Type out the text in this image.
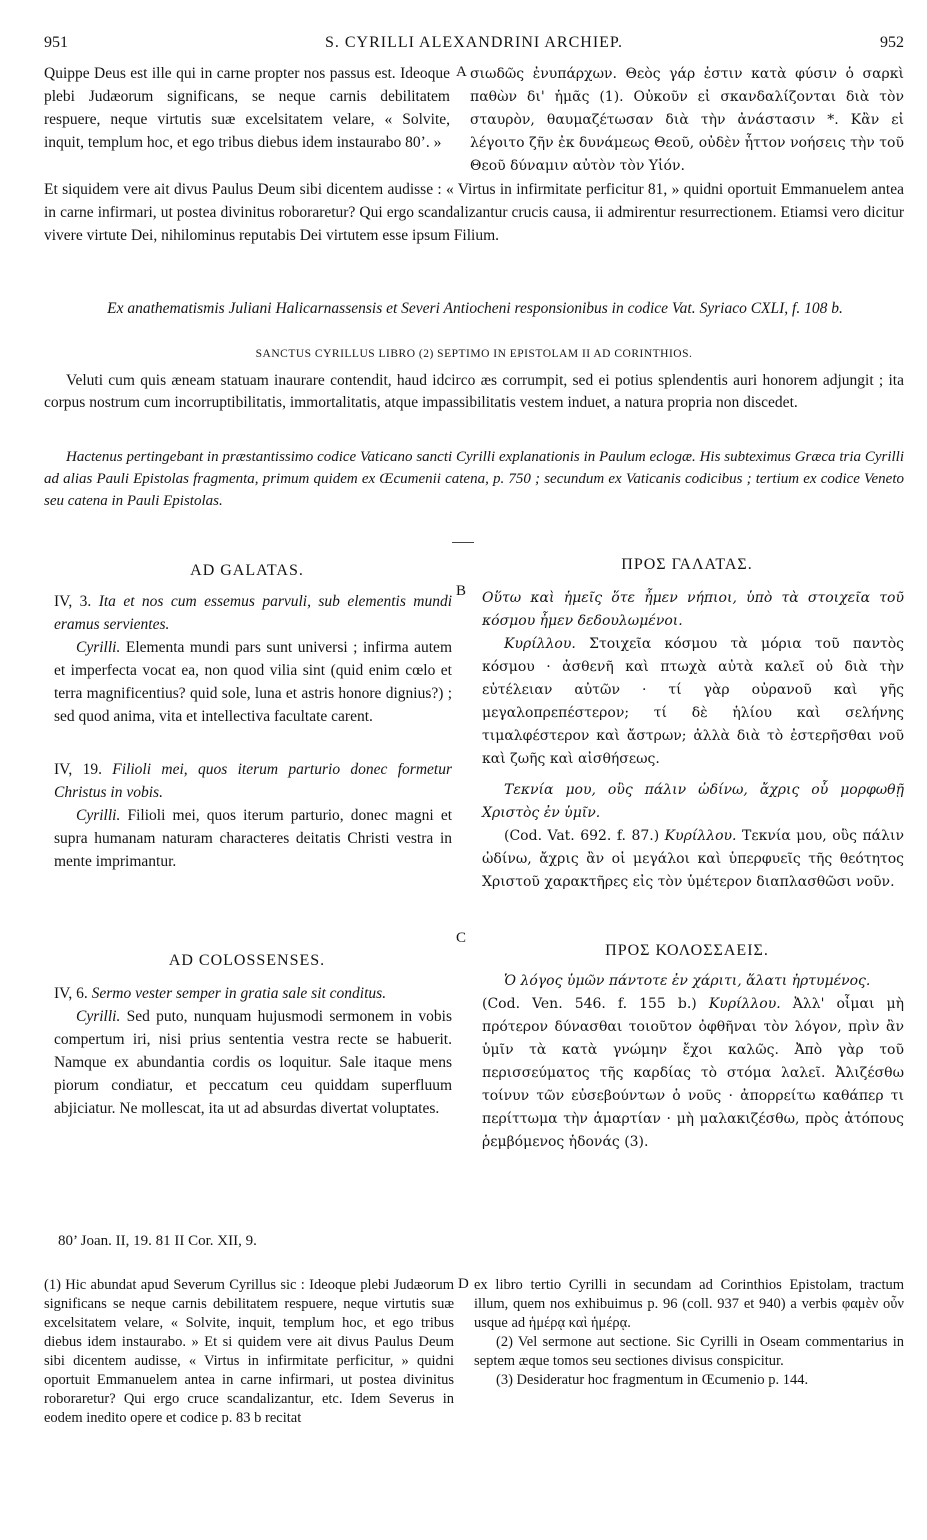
951	S. CYRILLI ALEXANDRINI ARCHIEP.	952

Quippe Deus est ille qui in carne propter nos passus est. Ideoque plebi Judæorum significans, se neque carnis debilitatem respuere, neque virtutis suæ excelsitatem velare, « Solvite, inquit, templum hoc, et ego tribus diebus idem instaurabo 80’. »

A σιωδῶς ἐνυπάρχων. Θεὸς γάρ ἐστιν κατὰ φύσιν ὁ σαρκὶ παθὼν δι' ἡμᾶς (1). Οὐκοῦν εἰ σκανδαλίζονται διὰ τὸν σταυρὸν, θαυμαζέτωσαν διὰ τὴν ἀνάστασιν *. Κἂν εἰ λέγοιτο ζῆν ἐκ δυνάμεως Θεοῦ, οὐδὲν ἧττον νοήσεις τὴν τοῦ Θεοῦ δύναμιν αὐτὸν τὸν Υἱόν.

Et siquidem vere ait divus Paulus Deum sibi dicentem audisse : « Virtus in infirmitate perficitur 81, » quidni oportuit Emmanuelem antea in carne infirmari, ut postea divinitus roboraretur? Qui ergo scandalizantur crucis causa, ii admirentur resurrectionem. Etiamsi vero dicitur vivere virtute Dei, nihilominus reputabis Dei virtutem esse ipsum Filium.

Ex anathematismis Juliani Halicarnassensis et Severi Antiocheni responsionibus in codice Vat. Syriaco CXLI, f. 108 b.
SANCTUS CYRILLUS LIBRO (2) SEPTIMO IN EPISTOLAM II AD CORINTHIOS.

Veluti cum quis æneam statuam inaurare contendit, haud idcirco æs corrumpit, sed ei potius splendentis auri honorem adjungit ; ita corpus nostrum cum incorruptibilitatis, immortalitatis, atque impassibilitatis vestem induet, a natura propria non discedet.

Hactenus pertingebant in præstantissimo codice Vaticano sancti Cyrilli explanationis in Paulum eclogæ. His subteximus Græca tria Cyrilli ad alias Pauli Epistolas fragmenta, primum quidem ex Œcumenii catena, p. 750 ; secundum ex Vaticanis codicibus ; tertium ex codice Veneto seu catena in Pauli Epistolas.

AD GALATAS.	ΠΡΟΣ ΓΑΛΑΤΑΣ.
B

IV, 3. Ita et nos cum essemus parvuli, sub elementis mundi eramus servientes.

Cyrilli. Elementa mundi pars sunt universi ; infirma autem et imperfecta vocat ea, non quod vilia sint (quid enim cœlo et terra magnificentius? quid sole, luna et astris honore dignius?) ; sed quod anima, vita et intellectiva facultate carent.

IV, 19. Filioli mei, quos iterum parturio donec formetur Christus in vobis.

Cyrilli. Filioli mei, quos iterum parturio, donec magni et supra humanam naturam characteres deitatis Christi vestra in mente imprimantur.

Οὕτω καὶ ἡμεῖς ὅτε ἦμεν νήπιοι, ὑπὸ τὰ στοιχεῖα τοῦ κόσμου ἦμεν δεδουλωμένοι.

Κυρίλλου. Στοιχεῖα κόσμου τὰ μόρια τοῦ παντὸς κόσμου · ἀσθενῆ καὶ πτωχὰ αὐτὰ καλεῖ οὐ διὰ τὴν εὐτέλειαν αὐτῶν · τί γὰρ οὐρανοῦ καὶ γῆς μεγαλοπρεπέστερον; τί δὲ ἡλίου καὶ σελήνης τιμαλφέστερον καὶ ἄστρων; ἀλλὰ διὰ τὸ ἐστερῆσθαι νοῦ καὶ ζωῆς καὶ αἰσθήσεως.

Τεκνία μου, οὓς πάλιν ὠδίνω, ἄχρις οὗ μορφωθῇ Χριστὸς ἐν ὑμῖν.

(Cod. Vat. 692. f. 87.) Κυρίλλου. Τεκνία μου, οὓς πάλιν ὠδίνω, ἄχρις ἂν οἱ μεγάλοι καὶ ὑπερφυεῖς τῆς θεότητος Χριστοῦ χαρακτῆρες εἰς τὸν ὑμέτερον διαπλασθῶσι νοῦν.

C
AD COLOSSENSES.
ΠΡΟΣ ΚΟΛΟΣΣΑΕΙΣ.

IV, 6. Sermo vester semper in gratia sale sit conditus.

Cyrilli. Sed puto, nunquam hujusmodi sermonem in vobis compertum iri, nisi prius sententia vestra recte se habuerit. Namque ex abundantia cordis os loquitur. Sale itaque mens piorum condiatur, et peccatum ceu quiddam superfluum abjiciatur. Ne mollescat, ita ut ad absurdas divertat voluptates.

Ὁ λόγος ὑμῶν πάντοτε ἐν χάριτι, ἅλατι ἠρτυμένος.

(Cod. Ven. 546. f. 155 b.) Κυρίλλου. Ἀλλ' οἶμαι μὴ πρότερον δύνασθαι τοιοῦτον ὀφθῆναι τὸν λόγον, πρὶν ἂν ὑμῖν τὰ κατὰ γνώμην ἔχοι καλῶς. Ἀπὸ γὰρ τοῦ περισσεύματος τῆς καρδίας τὸ στόμα λαλεῖ. Ἀλιζέσθω τοίνυν τῶν εὐσεβούντων ὁ νοῦς · ἀπορρείτω καθάπερ τι περίττωμα τὴν ἁμαρτίαν · μὴ μαλακιζέσθω, πρὸς ἀτόπους ῥεμβόμενος ἡδονάς (3).

80’ Joan. II, 19. 81 II Cor. XII, 9.

(1) Hic abundat apud Severum Cyrillus sic : Ideoque plebi Judæorum significans se neque carnis debilitatem respuere, neque virtutis suæ excelsitatem velare, « Solvite, inquit, templum hoc, et ego tribus diebus idem instaurabo. » Et si quidem vere ait divus Paulus Deum sibi dicentem audisse, « Virtus in infirmitate perficitur, » quidni oportuit Emmanuelem antea in carne infirmari, ut postea divinitus roboraretur? Qui ergo cruce scandalizantur, etc. Idem Severus in eodem inedito opere et codice p. 83 b recitat

D ex libro tertio Cyrilli in secundam ad Corinthios Epistolam, tractum illum, quem nos exhibuimus p. 96 (coll. 937 et 940) a verbis φαμὲν οὖν usque ad ἡμέρᾳ καὶ ἡμέρᾳ.

(2) Vel sermone aut sectione. Sic Cyrilli in Oseam commentarius in septem æque tomos seu sectiones divisus conspicitur.

(3) Desideratur hoc fragmentum in Œcumenio p. 144.
